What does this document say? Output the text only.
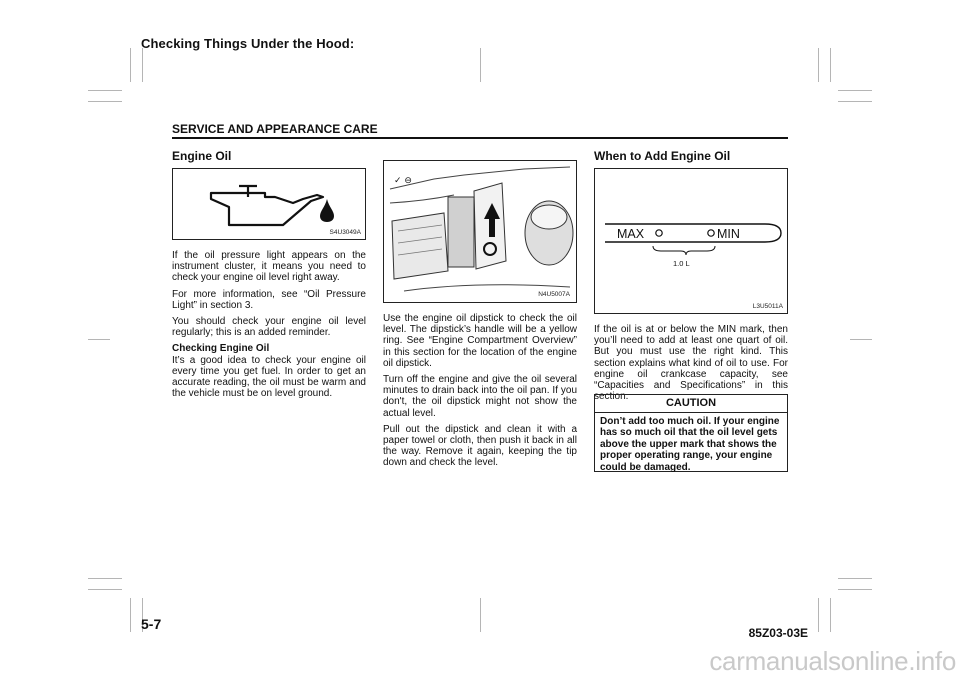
Checking Things Under the Hood:
SERVICE AND APPEARANCE CARE
Engine Oil
S4U3049A

If the oil pressure light appears on the instrument cluster, it means you need to check your engine oil level right away.

For more information, see “Oil Pressure Light” in section 3.

You should check your engine oil level regularly; this is an added reminder.

Checking Engine Oil
It’s a good idea to check your engine oil every time you get fuel. In order to get an accurate reading, the oil must be warm and the vehicle must be on level ground.

✓ ⊖
N4U5007A

Use the engine oil dipstick to check the oil level. The dipstick’s handle will be a yellow ring. See “Engine Compartment Overview” in this section for the location of the engine oil dipstick.

Turn off the engine and give the oil several minutes to drain back into the oil pan. If you don't, the oil dipstick might not show the actual level.

Pull out the dipstick and clean it with a paper towel or cloth, then push it back in all the way. Remove it again, keeping the tip down and check the level.

When to Add Engine Oil
MAX	MIN
1.0 L
L3U5011A

If the oil is at or below the MIN mark, then you’ll need to add at least one quart of oil. But you must use the right kind. This section explains what kind of oil to use. For engine oil crankcase capacity, see “Capacities and Specifications” in this section.

CAUTION
Don’t add too much oil. If your engine has so much oil that the oil level gets above the upper mark that shows the proper operating range, your engine could be damaged.
5-7
85Z03-03E
carmanualsonline.info
